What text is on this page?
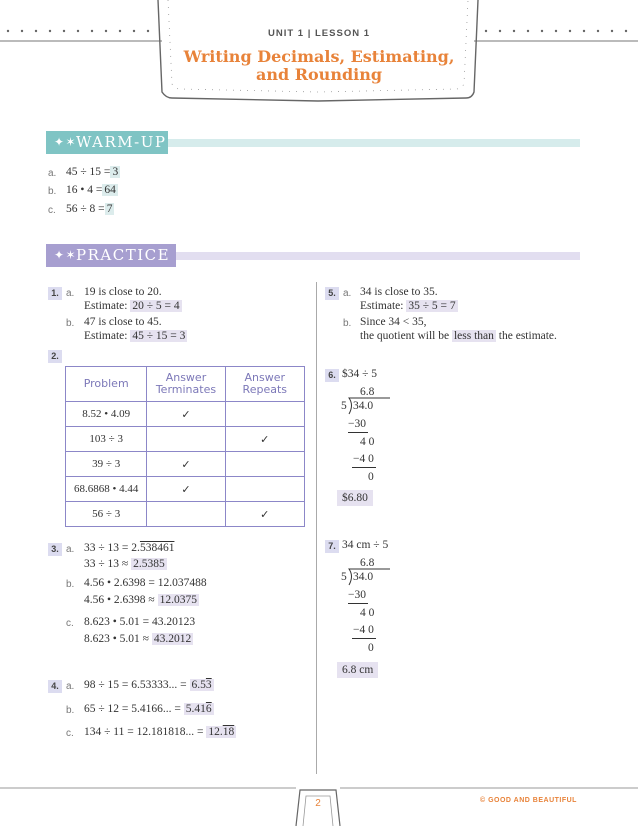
UNIT 1 | LESSON 1
Writing Decimals, Estimating,
and Rounding
✦✶
WARM-UP
a. 45 ÷ 15 = 3
b. 16 • 4 = 64
c. 56 ÷ 8 = 7
✦✶
PRACTICE
1. a. 19 is close to 20.
Estimate: 20 ÷ 5 = 4
b. 47 is close to 45.
Estimate: 45 ÷ 15 = 3
2.
Problem	Answer Terminates	Answer Repeats
8.52 • 4.09	✓	
103 ÷ 3		✓
39 ÷ 3	✓	
68.6868 • 4.44	✓	
56 ÷ 3		✓
3. a. 33 ÷ 13 = 2.538461
33 ÷ 13 ≈ 2.5385
b. 4.56 • 2.6398 = 12.037488
4.56 • 2.6398 ≈ 12.0375
c. 8.623 • 5.01 = 43.20123
8.623 • 5.01 ≈ 43.2012
4. a. 98 ÷ 15 = 6.53333... = 6.53
b. 65 ÷ 12 = 5.4166... = 5.416
c. 134 ÷ 11 = 12.181818... = 12.18
5. a. 34 is close to 35.
Estimate: 35 ÷ 5 = 7
b. Since 34 < 35,
the quotient will be less than the estimate.
6. $34 ÷ 5
6.8
5 34.0
−30
4 0
−4 0
0
$6.80
7. 34 cm ÷ 5
6.8
5 34.0
−30
4 0
−4 0
0
6.8 cm
2	© GOOD AND BEAUTIFUL
